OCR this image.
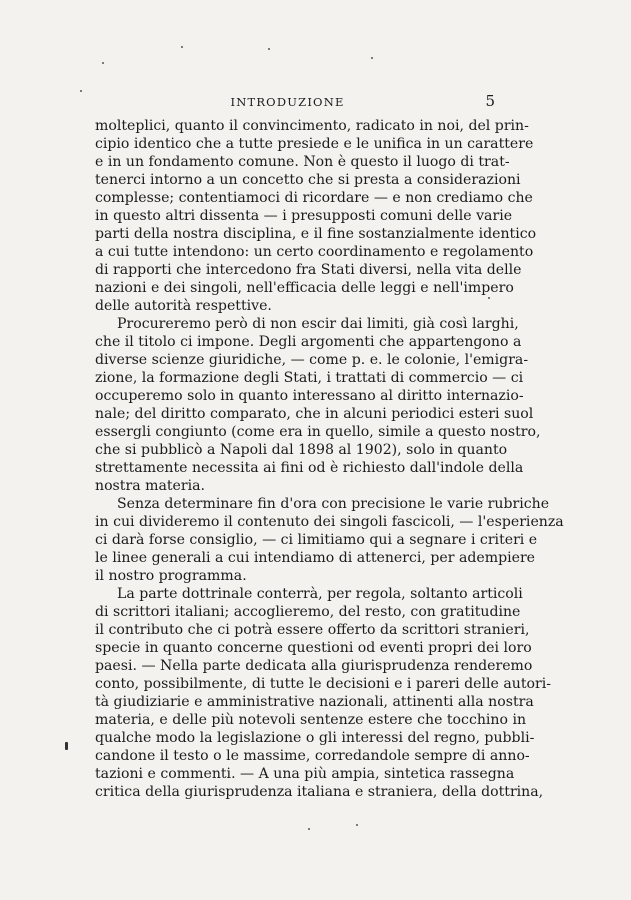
INTRODUZIONE	5
molteplici, quanto il convincimento, radicato in noi, del prin-
cipio identico che a tutte presiede e le unifica in un carattere
e in un fondamento comune. Non è questo il luogo di trat-
tenerci intorno a un concetto che si presta a considerazioni
complesse; contentiamoci di ricordare — e non crediamo che
in questo altri dissenta — i presupposti comuni delle varie
parti della nostra disciplina, e il fine sostanzialmente identico
a cui tutte intendono: un certo coordinamento e regolamento
di rapporti che intercedono fra Stati diversi, nella vita delle
nazioni e dei singoli, nell'efficacia delle leggi e nell'impero
delle autorità respettive.
Procureremo però di non escir dai limiti, già così larghi,
che il titolo ci impone. Degli argomenti che appartengono a
diverse scienze giuridiche, — come p. e. le colonie, l'emigra-
zione, la formazione degli Stati, i trattati di commercio — ci
occuperemo solo in quanto interessano al diritto internazio-
nale; del diritto comparato, che in alcuni periodici esteri suol
essergli congiunto (come era in quello, simile a questo nostro,
che si pubblicò a Napoli dal 1898 al 1902), solo in quanto
strettamente necessita ai fini od è richiesto dall'indole della
nostra materia.
Senza determinare fin d'ora con precisione le varie rubriche
in cui divideremo il contenuto dei singoli fascicoli, — l'esperienza
ci darà forse consiglio, — ci limitiamo qui a segnare i criteri e
le linee generali a cui intendiamo di attenerci, per adempiere
il nostro programma.
La parte dottrinale conterrà, per regola, soltanto articoli
di scrittori italiani; accoglieremo, del resto, con gratitudine
il contributo che ci potrà essere offerto da scrittori stranieri,
specie in quanto concerne questioni od eventi propri dei loro
paesi. — Nella parte dedicata alla giurisprudenza renderemo
conto, possibilmente, di tutte le decisioni e i pareri delle autori-
tà giudiziarie e amministrative nazionali, attinenti alla nostra
materia, e delle più notevoli sentenze estere che tocchino in
qualche modo la legislazione o gli interessi del regno, pubbli-
candone il testo o le massime, corredandole sempre di anno-
tazioni e commenti. — A una più ampia, sintetica rassegna
critica della giurisprudenza italiana e straniera, della dottrina,
